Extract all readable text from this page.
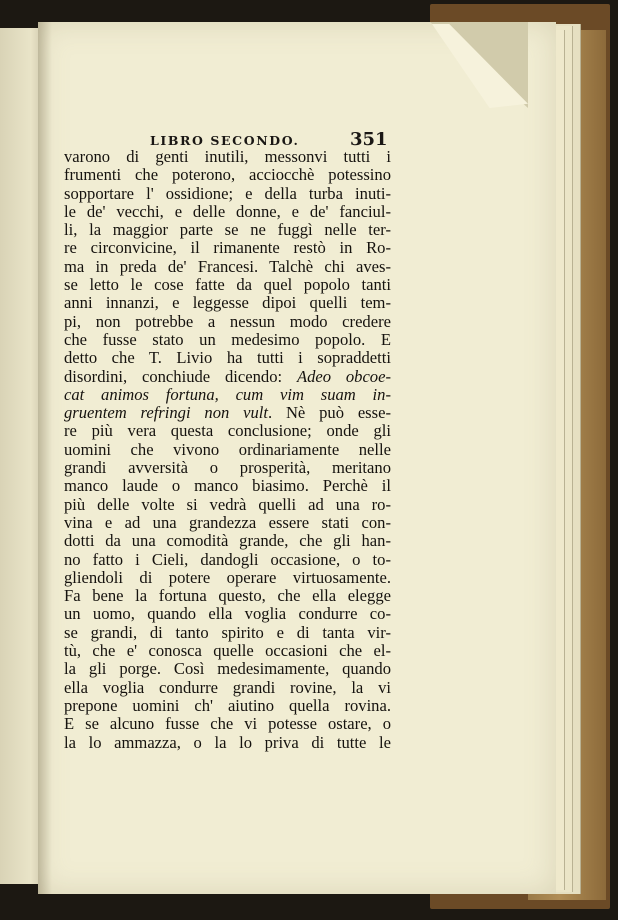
LIBRO SECONDO.	351
varono di genti inutili, messonvi tutti i
frumenti che poterono, acciocchè potessino
sopportare l' ossidione; e della turba inuti-
le de' vecchi, e delle donne, e de' fanciul-
li, la maggior parte se ne fuggì nelle ter-
re circonvicine, il rimanente restò in Ro-
ma in preda de' Francesi. Talchè chi aves-
se letto le cose fatte da quel popolo tanti
anni innanzi, e leggesse dipoi quelli tem-
pi, non potrebbe a nessun modo credere
che fusse stato un medesimo popolo. E
detto che T. Livio ha tutti i sopraddetti
disordini, conchiude dicendo: Adeo obcoe-
cat animos fortuna, cum vim suam in-
gruentem refringi non vult. Nè può esse-
re più vera questa conclusione; onde gli
uomini che vivono ordinariamente nelle
grandi avversità o prosperità, meritano
manco laude o manco biasimo. Perchè il
più delle volte si vedrà quelli ad una ro-
vina e ad una grandezza essere stati con-
dotti da una comodità grande, che gli han-
no fatto i Cieli, dandogli occasione, o to-
gliendoli di potere operare virtuosamente.
Fa bene la fortuna questo, che ella elegge
un uomo, quando ella voglia condurre co-
se grandi, di tanto spirito e di tanta vir-
tù, che e' conosca quelle occasioni che el-
la gli porge. Così medesimamente, quando
ella voglia condurre grandi rovine, la vi
prepone uomini ch' aiutino quella rovina.
E se alcuno fusse che vi potesse ostare, o
la lo ammazza, o la lo priva di tutte le
